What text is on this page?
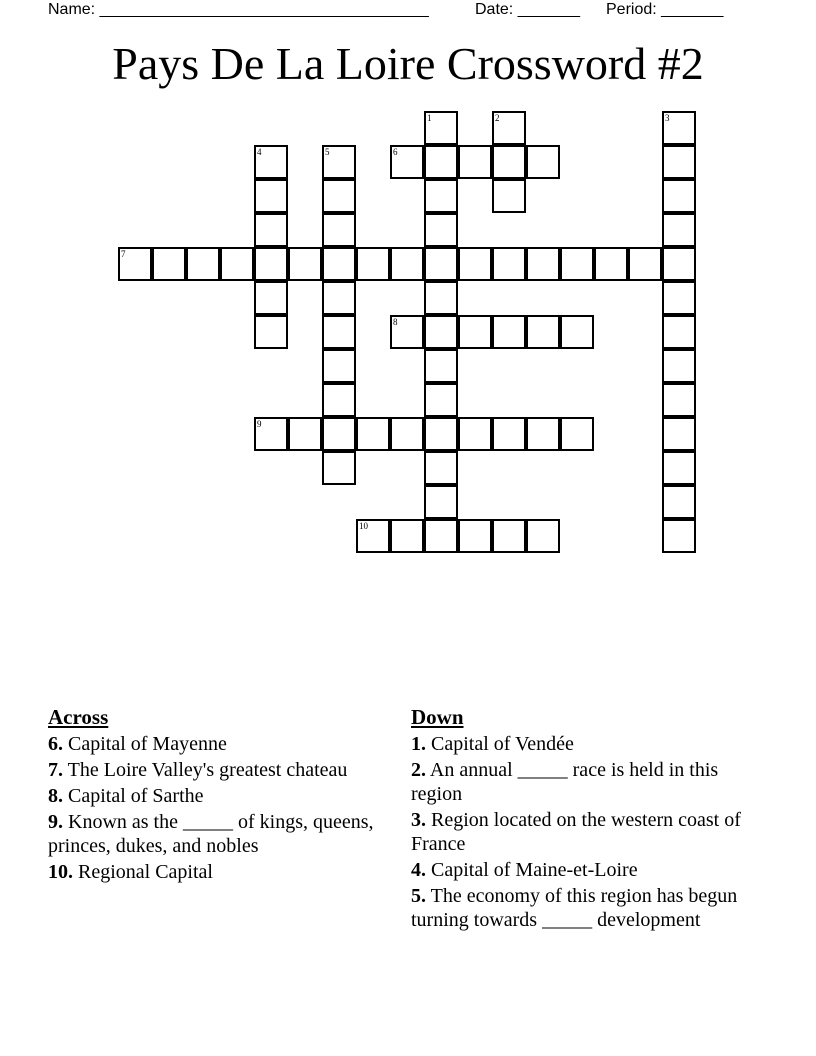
Name: _____________________________________	Date: _______ Period: _______
Pays De La Loire Crossword #2
1	2	3
4	5	6
7
8
9
10
Across
6. Capital of Mayenne
7. The Loire Valley's greatest chateau
8. Capital of Sarthe
9. Known as the _____ of kings, queens, princes, dukes, and nobles
10. Regional Capital
Down
1. Capital of Vendée
2. An annual _____ race is held in this region
3. Region located on the western coast of France
4. Capital of Maine-et-Loire
5. The economy of this region has begun turning towards _____ development
